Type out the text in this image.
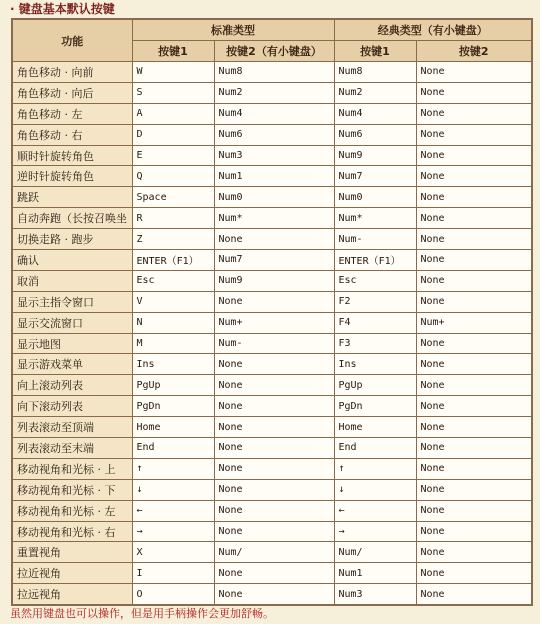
· 键盘基本默认按键
功能	标准类型		经典类型（有小键盘）	
	按键1	按键2（有小键盘）	按键1	按键2
角色移动 · 向前	W	Num8	Num8	None
角色移动 · 向后	S	Num2	Num2	None
角色移动 · 左	A	Num4	Num4	None
角色移动 · 右	D	Num6	Num6	None
顺时针旋转角色	E	Num3	Num9	None
逆时针旋转角色	Q	Num1	Num7	None
跳跃	Space	Num0	Num0	None
自动奔跑（长按召唤坐	R	Num*	Num*	None
切换走路 · 跑步	Z	None	Num-	None
确认	ENTER（F1）	Num7	ENTER（F1）	None
取消	Esc	Num9	Esc	None
显示主指令窗口	V	None	F2	None
显示交流窗口	N	Num+	F4	Num+
显示地图	M	Num-	F3	None
显示游戏菜单	Ins	None	Ins	None
向上滚动列表	PgUp	None	PgUp	None
向下滚动列表	PgDn	None	PgDn	None
列表滚动至顶端	Home	None	Home	None
列表滚动至末端	End	None	End	None
移动视角和光标 · 上	↑	None	↑	None
移动视角和光标 · 下	↓	None	↓	None
移动视角和光标 · 左	←	None	←	None
移动视角和光标 · 右	→	None	→	None
重置视角	X	Num/	Num/	None
拉近视角	I	None	Num1	None
拉远视角	O	None	Num3	None
虽然用键盘也可以操作，但是用手柄操作会更加舒畅。
